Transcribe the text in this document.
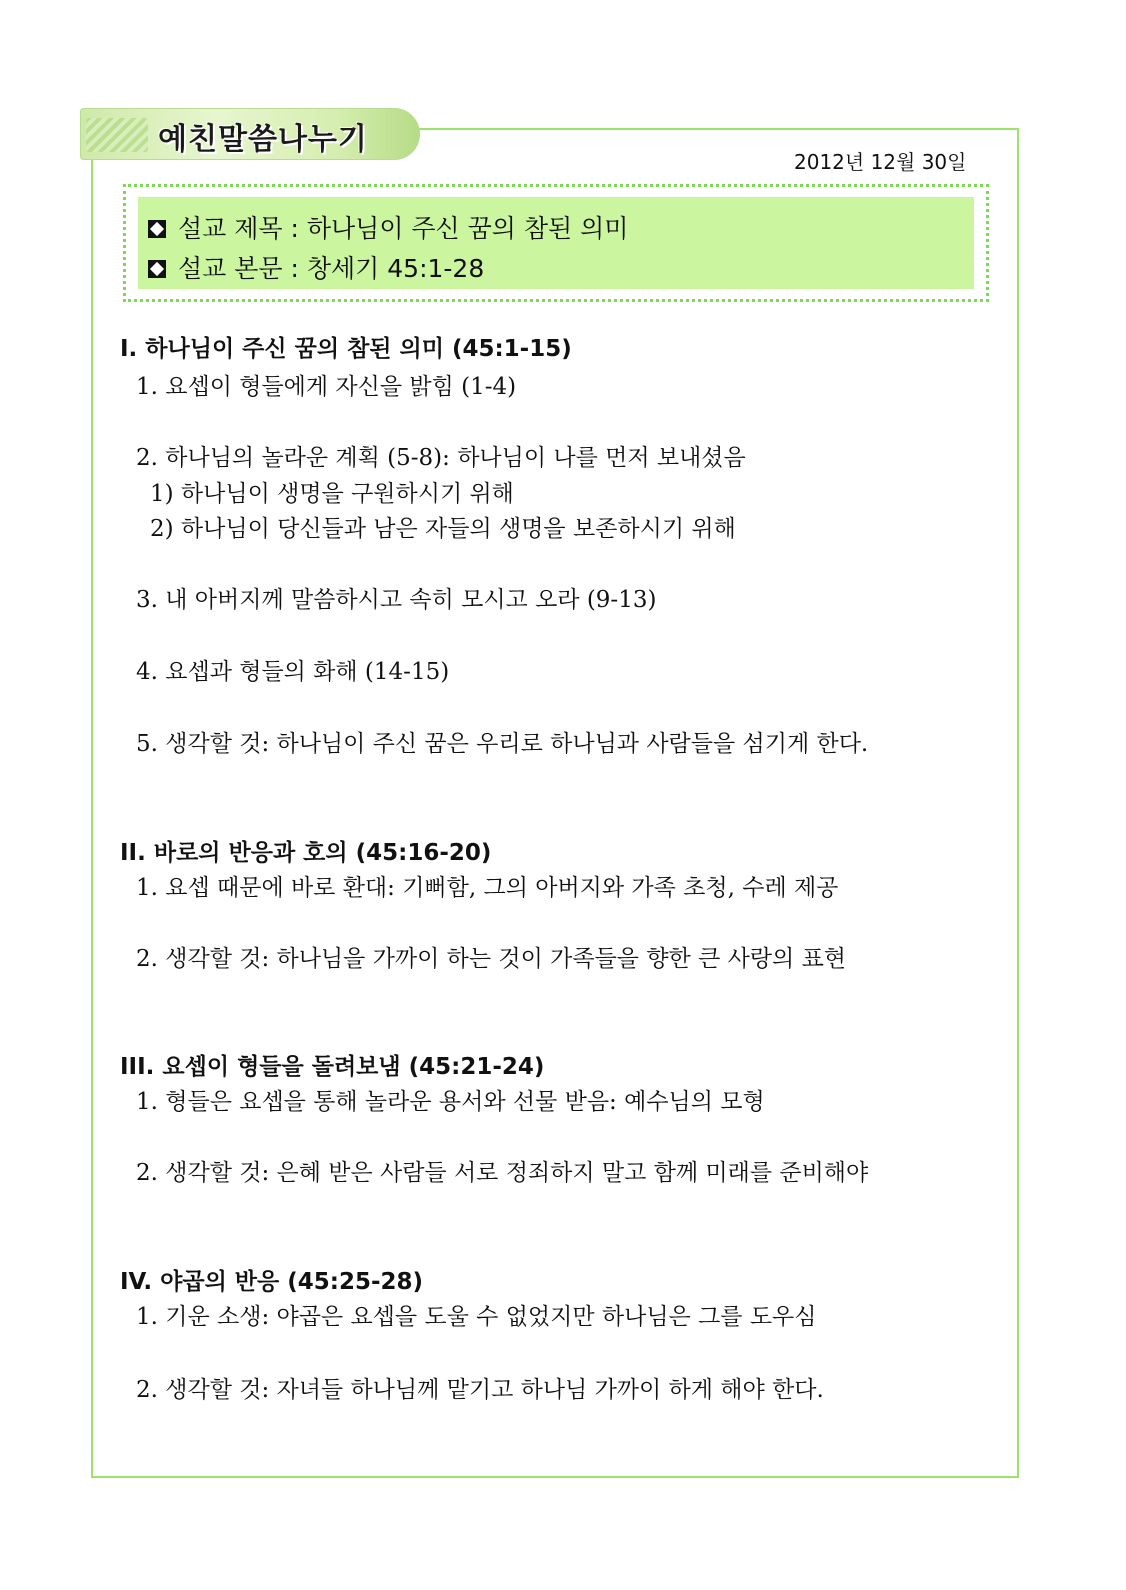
예친말씀나누기
2012년 12월 30일
설교 제목 : 하나님이 주신 꿈의 참된 의미
설교 본문 : 창세기 45:1-28
I. 하나님이 주신 꿈의 참된 의미 (45:1-15)
1. 요셉이 형들에게 자신을 밝힘 (1-4)
2. 하나님의 놀라운 계획 (5-8): 하나님이 나를 먼저 보내셨음
1) 하나님이 생명을 구원하시기 위해
2) 하나님이 당신들과 남은 자들의 생명을 보존하시기 위해
3. 내 아버지께 말씀하시고 속히 모시고 오라 (9-13)
4. 요셉과 형들의 화해 (14-15)
5. 생각할 것: 하나님이 주신 꿈은 우리로 하나님과 사람들을 섬기게 한다.
II. 바로의 반응과 호의 (45:16-20)
1. 요셉 때문에 바로 환대: 기뻐함, 그의 아버지와 가족 초청, 수레 제공
2. 생각할 것: 하나님을 가까이 하는 것이 가족들을 향한 큰 사랑의 표현
III. 요셉이 형들을 돌려보냄 (45:21-24)
1. 형들은 요셉을 통해 놀라운 용서와 선물 받음: 예수님의 모형
2. 생각할 것: 은혜 받은 사람들 서로 정죄하지 말고 함께 미래를 준비해야
IV. 야곱의 반응 (45:25-28)
1. 기운 소생: 야곱은 요셉을 도울 수 없었지만 하나님은 그를 도우심
2. 생각할 것: 자녀들 하나님께 맡기고 하나님 가까이 하게 해야 한다.
